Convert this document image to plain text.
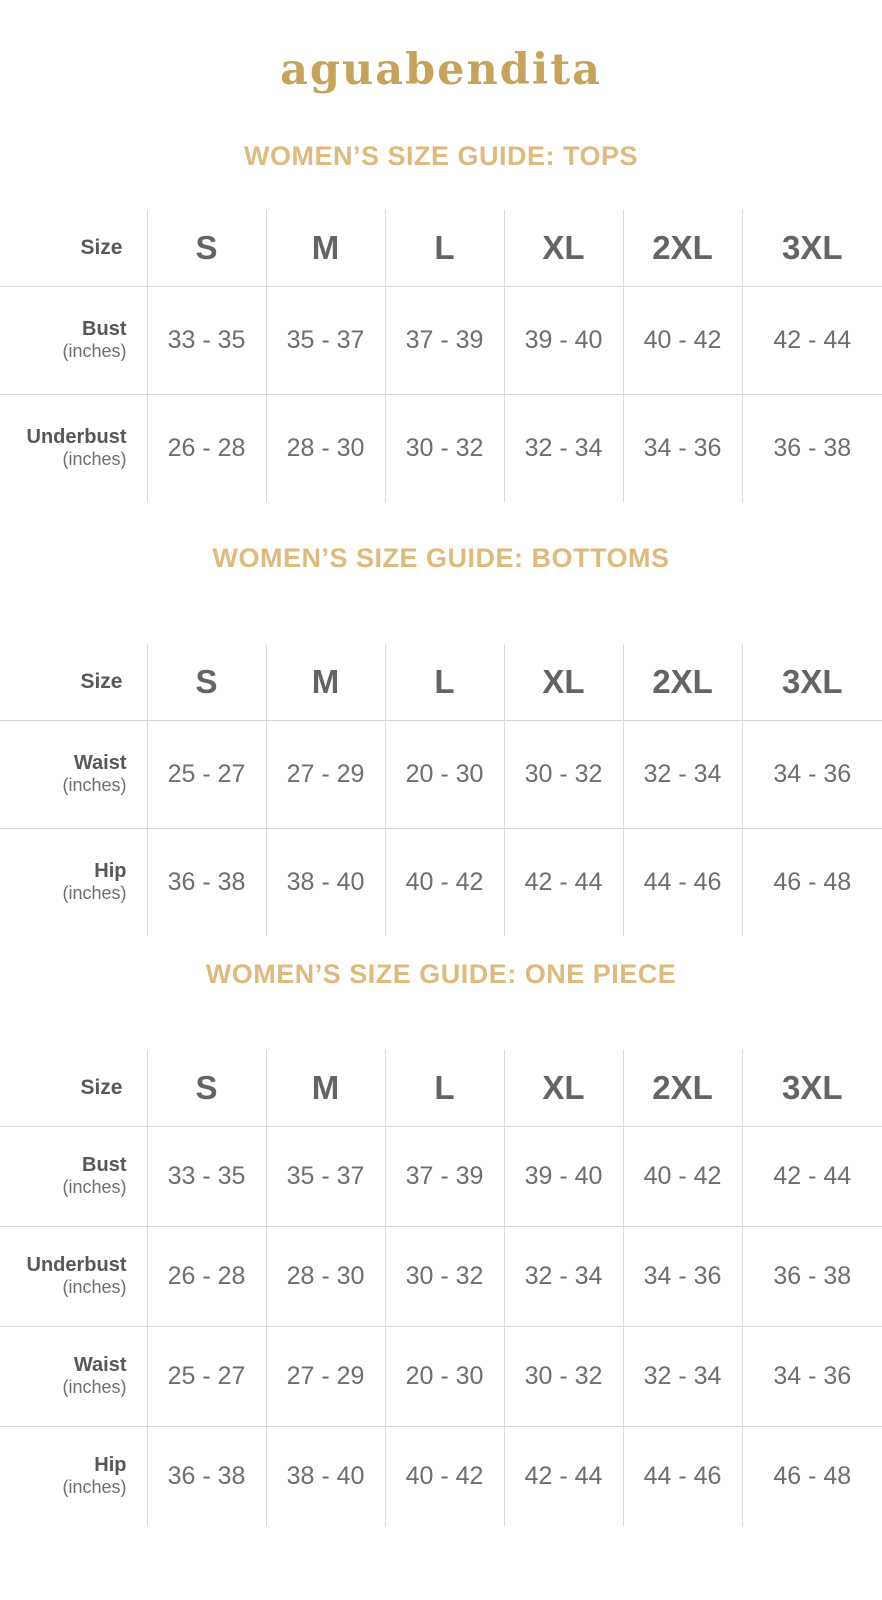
aguabendita
WOMEN’S SIZE GUIDE: TOPS
Size	S	M	L	XL	2XL	3XL

Bust
(inches)	33 - 35	35 - 37	37 - 39	39 - 40	40 - 42	42 - 44

Underbust
(inches)	26 - 28	28 - 30	30 - 32	32 - 34	34 - 36	36 - 38
WOMEN’S SIZE GUIDE: BOTTOMS
Size	S	M	L	XL	2XL	3XL

Waist
(inches)	25 - 27	27 - 29	20 - 30	30 - 32	32 - 34	34 - 36

Hip
(inches)	36 - 38	38 - 40	40 - 42	42 - 44	44 - 46	46 - 48
WOMEN’S SIZE GUIDE: ONE PIECE
Size	S	M	L	XL	2XL	3XL

Bust
(inches)	33 - 35	35 - 37	37 - 39	39 - 40	40 - 42	42 - 44

Underbust
(inches)	26 - 28	28 - 30	30 - 32	32 - 34	34 - 36	36 - 38

Waist
(inches)	25 - 27	27 - 29	20 - 30	30 - 32	32 - 34	34 - 36

Hip
(inches)	36 - 38	38 - 40	40 - 42	42 - 44	44 - 46	46 - 48
